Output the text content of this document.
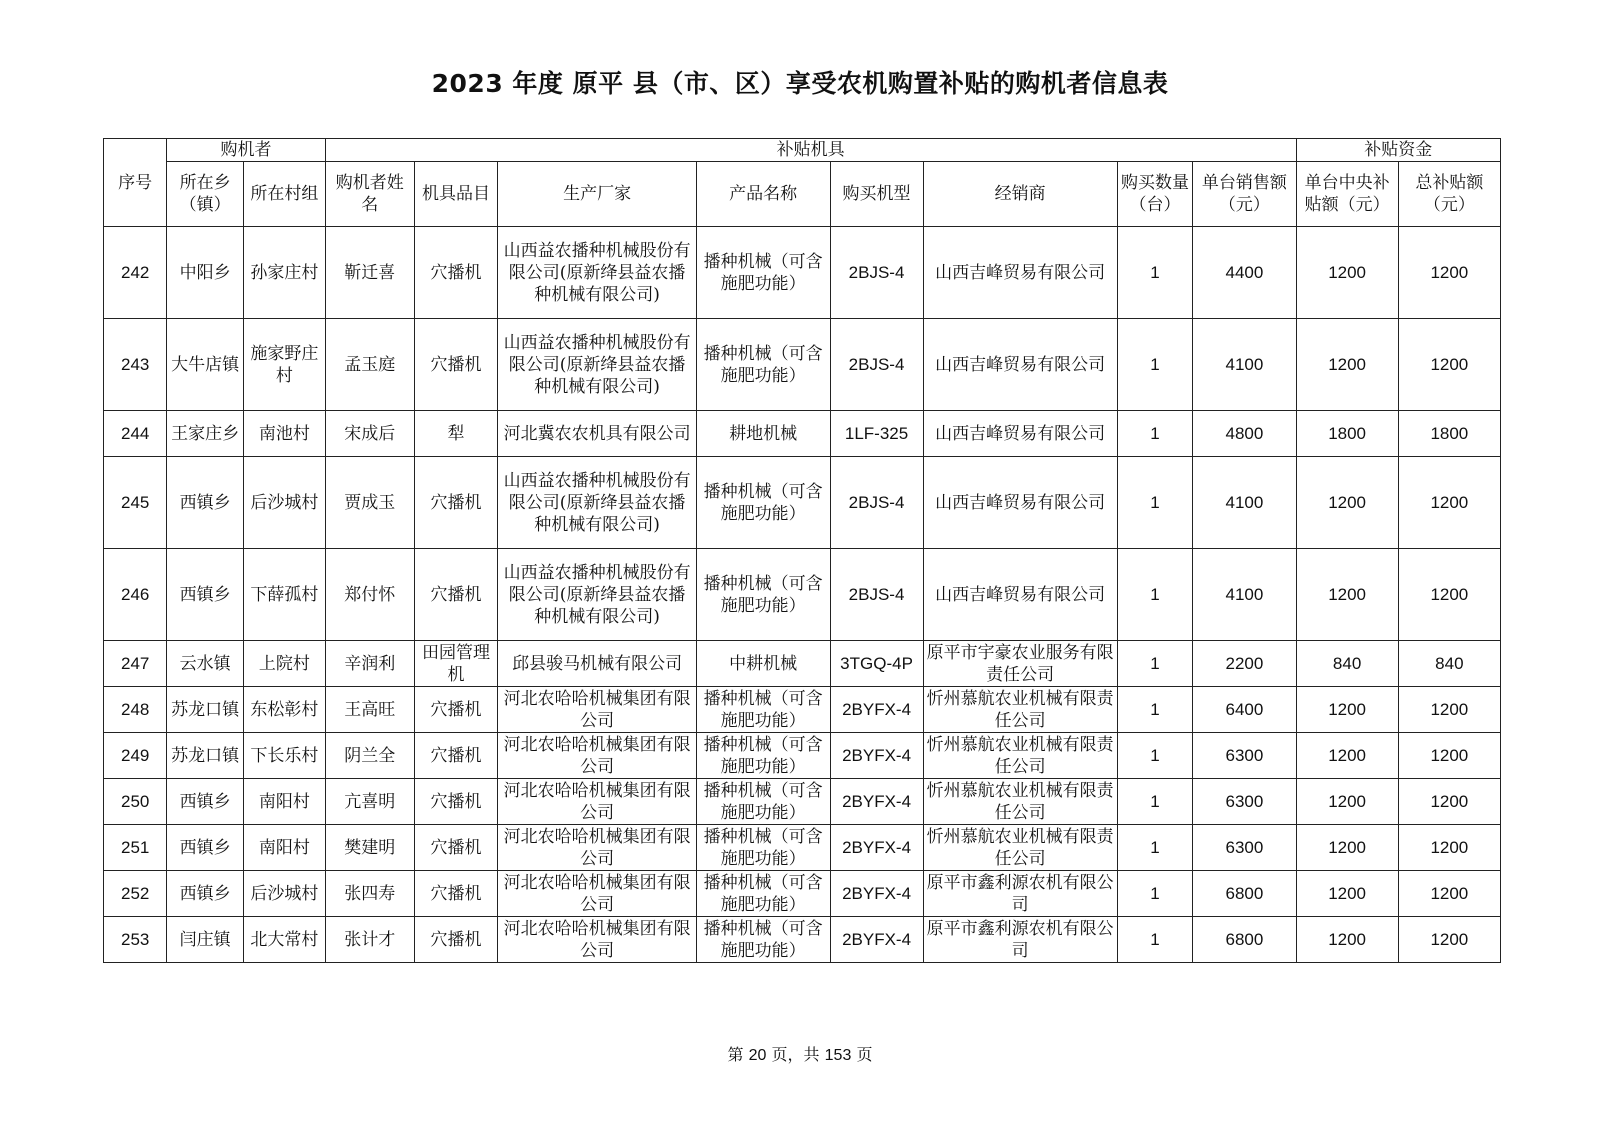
2023 年度 原平 县（市、区）享受农机购置补贴的购机者信息表
序号	购机者		补贴机具								补贴资金	
	所在乡（镇）	所在村组	购机者姓名	机具品目	生产厂家	产品名称	购买机型	经销商	购买数量（台）	单台销售额（元）	单台中央补贴额（元）	总补贴额（元）
242	中阳乡	孙家庄村	靳迁喜	穴播机	山西益农播种机械股份有限公司(原新绛县益农播种机械有限公司)	播种机械（可含施肥功能）	2BJS-4	山西吉峰贸易有限公司	1	4400	1200	1200
243	大牛店镇	施家野庄村	孟玉庭	穴播机	山西益农播种机械股份有限公司(原新绛县益农播种机械有限公司)	播种机械（可含施肥功能）	2BJS-4	山西吉峰贸易有限公司	1	4100	1200	1200
244	王家庄乡	南池村	宋成后	犁	河北冀农农机具有限公司	耕地机械	1LF-325	山西吉峰贸易有限公司	1	4800	1800	1800
245	西镇乡	后沙城村	贾成玉	穴播机	山西益农播种机械股份有限公司(原新绛县益农播种机械有限公司)	播种机械（可含施肥功能）	2BJS-4	山西吉峰贸易有限公司	1	4100	1200	1200
246	西镇乡	下薛孤村	郑付怀	穴播机	山西益农播种机械股份有限公司(原新绛县益农播种机械有限公司)	播种机械（可含施肥功能）	2BJS-4	山西吉峰贸易有限公司	1	4100	1200	1200
247	云水镇	上院村	辛润利	田园管理机	邱县骏马机械有限公司	中耕机械	3TGQ-4P	原平市宇豪农业服务有限责任公司	1	2200	840	840
248	苏龙口镇	东松彰村	王高旺	穴播机	河北农哈哈机械集团有限公司	播种机械（可含施肥功能）	2BYFX-4	忻州慕航农业机械有限责任公司	1	6400	1200	1200
249	苏龙口镇	下长乐村	阴兰全	穴播机	河北农哈哈机械集团有限公司	播种机械（可含施肥功能）	2BYFX-4	忻州慕航农业机械有限责任公司	1	6300	1200	1200
250	西镇乡	南阳村	亢喜明	穴播机	河北农哈哈机械集团有限公司	播种机械（可含施肥功能）	2BYFX-4	忻州慕航农业机械有限责任公司	1	6300	1200	1200
251	西镇乡	南阳村	樊建明	穴播机	河北农哈哈机械集团有限公司	播种机械（可含施肥功能）	2BYFX-4	忻州慕航农业机械有限责任公司	1	6300	1200	1200
252	西镇乡	后沙城村	张四寿	穴播机	河北农哈哈机械集团有限公司	播种机械（可含施肥功能）	2BYFX-4	原平市鑫利源农机有限公司	1	6800	1200	1200
253	闫庄镇	北大常村	张计才	穴播机	河北农哈哈机械集团有限公司	播种机械（可含施肥功能）	2BYFX-4	原平市鑫利源农机有限公司	1	6800	1200	1200
第 20 页，共 153 页
